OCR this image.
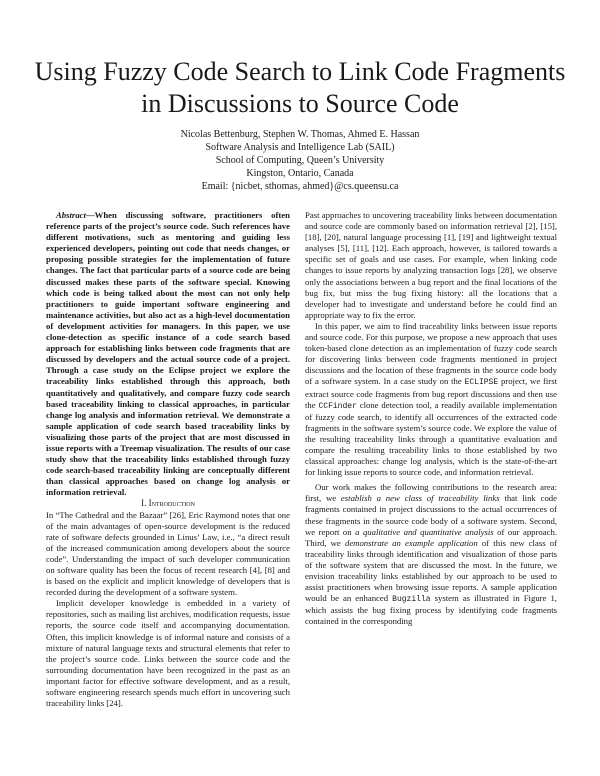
Using Fuzzy Code Search to Link Code Fragments
in Discussions to Source Code
Nicolas Bettenburg, Stephen W. Thomas, Ahmed E. Hassan
Software Analysis and Intelligence Lab (SAIL)
School of Computing, Queen’s University
Kingston, Ontario, Canada
Email: {nicbet, sthomas, ahmed}@cs.queensu.ca

Abstract—When discussing software, practitioners often reference parts of the project’s source code. Such references have different motivations, such as mentoring and guiding less experienced developers, pointing out code that needs changes, or proposing possible strategies for the implementation of future changes. The fact that particular parts of a source code are being discussed makes these parts of the software special. Knowing which code is being talked about the most can not only help practitioners to guide important software engineering and maintenance activities, but also act as a high-level documentation of development activities for managers. In this paper, we use clone-detection as specific instance of a code search based approach for establishing links between code fragments that are discussed by developers and the actual source code of a project. Through a case study on the Eclipse project we explore the traceability links established through this approach, both quantitatively and qualitatively, and compare fuzzy code search based traceability linking to classical approaches, in particular change log analysis and information retrieval. We demonstrate a sample application of code search based traceability links by visualizing those parts of the project that are most discussed in issue reports with a Treemap visualization. The results of our case study show that the traceability links established through fuzzy code search-based traceability linking are conceptually different than classical approaches based on change log analysis or information retrieval.

I. Introduction

In “The Cathedral and the Bazaar” [26], Eric Raymond notes that one of the main advantages of open-source development is the reduced rate of software defects grounded in Linus’ Law, i.e., “a direct result of the increased communication among developers about the source code”. Understanding the impact of such developer communication on software quality has been the focus of recent research [4], [8] and is based on the explicit and implicit knowledge of developers that is recorded during the development of a software system.

Implicit developer knowledge is embedded in a variety of repositories, such as mailing list archives, modification requests, issue reports, the source code itself and accompanying documentation. Often, this implicit knowledge is of informal nature and consists of a mixture of natural language texts and structural elements that refer to the project’s source code. Links between the source code and the surrounding documentation have been recognized in the past as an important factor for effective software development, and as a result, software engineering research spends much effort in uncovering such traceability links [24].

Past approaches to uncovering traceability links between documentation and source code are commonly based on information retrieval [2], [15], [18], [20], natural language processing [1], [19] and lightweight textual analyses [5], [11], [12]. Each approach, however, is tailored towards a specific set of goals and use cases. For example, when linking code changes to issue reports by analyzing transaction logs [28], we observe only the associations between a bug report and the final locations of the bug fix, but miss the bug fixing history: all the locations that a developer had to investigate and understand before he could find an appropriate way to fix the error.

In this paper, we aim to find traceability links between issue reports and source code. For this purpose, we propose a new approach that uses token-based clone detection as an implementation of fuzzy code search for discovering links between code fragments mentioned in project discussions and the location of these fragments in the source code body of a software system. In a case study on the ECLIPSE project, we first extract source code fragments from bug report discussions and then use the CCFinder clone detection tool, a readily available implementation of fuzzy code search, to identify all occurrences of the extracted code fragments in the software system’s source code. We explore the value of the resulting traceability links through a quantitative evaluation and compare the resulting traceability links to those established by two classical approaches: change log analysis, which is the state-of-the-art for linking issue reports to source code, and information retrieval.

Our work makes the following contributions to the research area: first, we establish a new class of traceability links that link code fragments contained in project discussions to the actual occurrences of these fragments in the source code body of a software system. Second, we report on a qualitative and quantitative analysis of our approach. Third, we demonstrate an example application of this new class of traceability links through identification and visualization of those parts of the software system that are discussed the most. In the future, we envision traceability links established by our approach to be used to assist practitioners when browsing issue reports. A sample application would be an enhanced Bugzilla system as illustrated in Figure 1, which assists the bug fixing process by identifying code fragments contained in the corresponding
